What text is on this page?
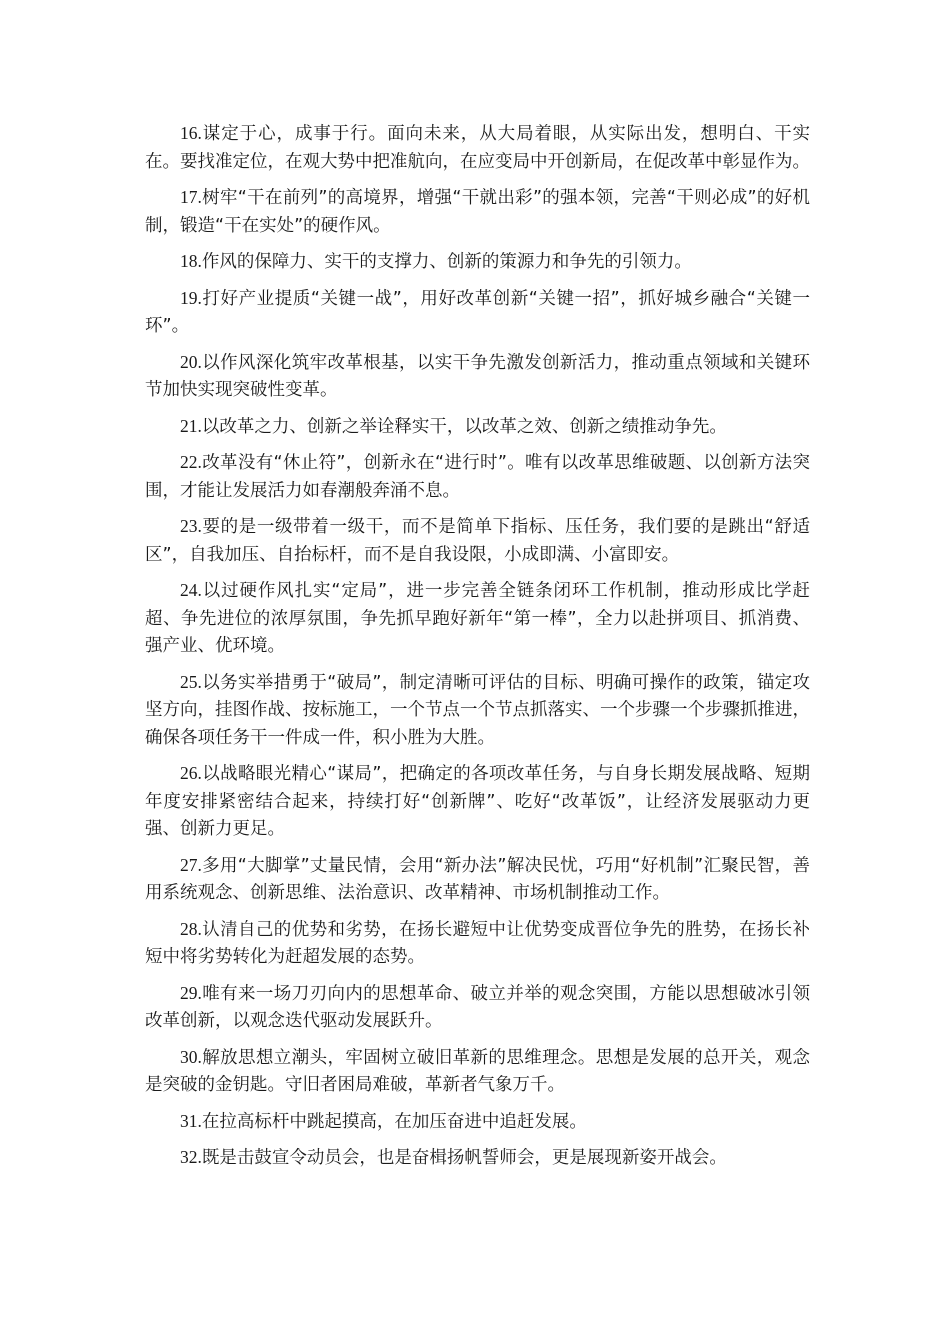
16.谋定于心，成事于行。面向未来，从大局着眼，从实际出发，想明白、干实在。要找准定位，在观大势中把准航向，在应变局中开创新局，在促改革中彰显作为。

17.树牢“干在前列”的高境界，增强“干就出彩”的强本领，完善“干则必成”的好机制，锻造“干在实处”的硬作风。

18.作风的保障力、实干的支撑力、创新的策源力和争先的引领力。

19.打好产业提质“关键一战”，用好改革创新“关键一招”，抓好城乡融合“关键一环”。

20.以作风深化筑牢改革根基，以实干争先激发创新活力，推动重点领域和关键环节加快实现突破性变革。

21.以改革之力、创新之举诠释实干，以改革之效、创新之绩推动争先。

22.改革没有“休止符”，创新永在“进行时”。唯有以改革思维破题、以创新方法突围，才能让发展活力如春潮般奔涌不息。

23.要的是一级带着一级干，而不是简单下指标、压任务，我们要的是跳出“舒适区”，自我加压、自抬标杆，而不是自我设限，小成即满、小富即安。

24.以过硬作风扎实“定局”，进一步完善全链条闭环工作机制，推动形成比学赶超、争先进位的浓厚氛围，争先抓早跑好新年“第一棒”，全力以赴拼项目、抓消费、强产业、优环境。

25.以务实举措勇于“破局”，制定清晰可评估的目标、明确可操作的政策，锚定攻坚方向，挂图作战、按标施工，一个节点一个节点抓落实、一个步骤一个步骤抓推进，确保各项任务干一件成一件，积小胜为大胜。

26.以战略眼光精心“谋局”，把确定的各项改革任务，与自身长期发展战略、短期年度安排紧密结合起来，持续打好“创新牌”、吃好“改革饭”，让经济发展驱动力更强、创新力更足。

27.多用“大脚掌”丈量民情，会用“新办法”解决民忧，巧用“好机制”汇聚民智，善用系统观念、创新思维、法治意识、改革精神、市场机制推动工作。

28.认清自己的优势和劣势，在扬长避短中让优势变成晋位争先的胜势，在扬长补短中将劣势转化为赶超发展的态势。

29.唯有来一场刀刃向内的思想革命、破立并举的观念突围，方能以思想破冰引领改革创新，以观念迭代驱动发展跃升。

30.解放思想立潮头，牢固树立破旧革新的思维理念。思想是发展的总开关，观念是突破的金钥匙。守旧者困局难破，革新者气象万千。

31.在拉高标杆中跳起摸高，在加压奋进中追赶发展。

32.既是击鼓宣令动员会，也是奋楫扬帆誓师会，更是展现新姿开战会。
